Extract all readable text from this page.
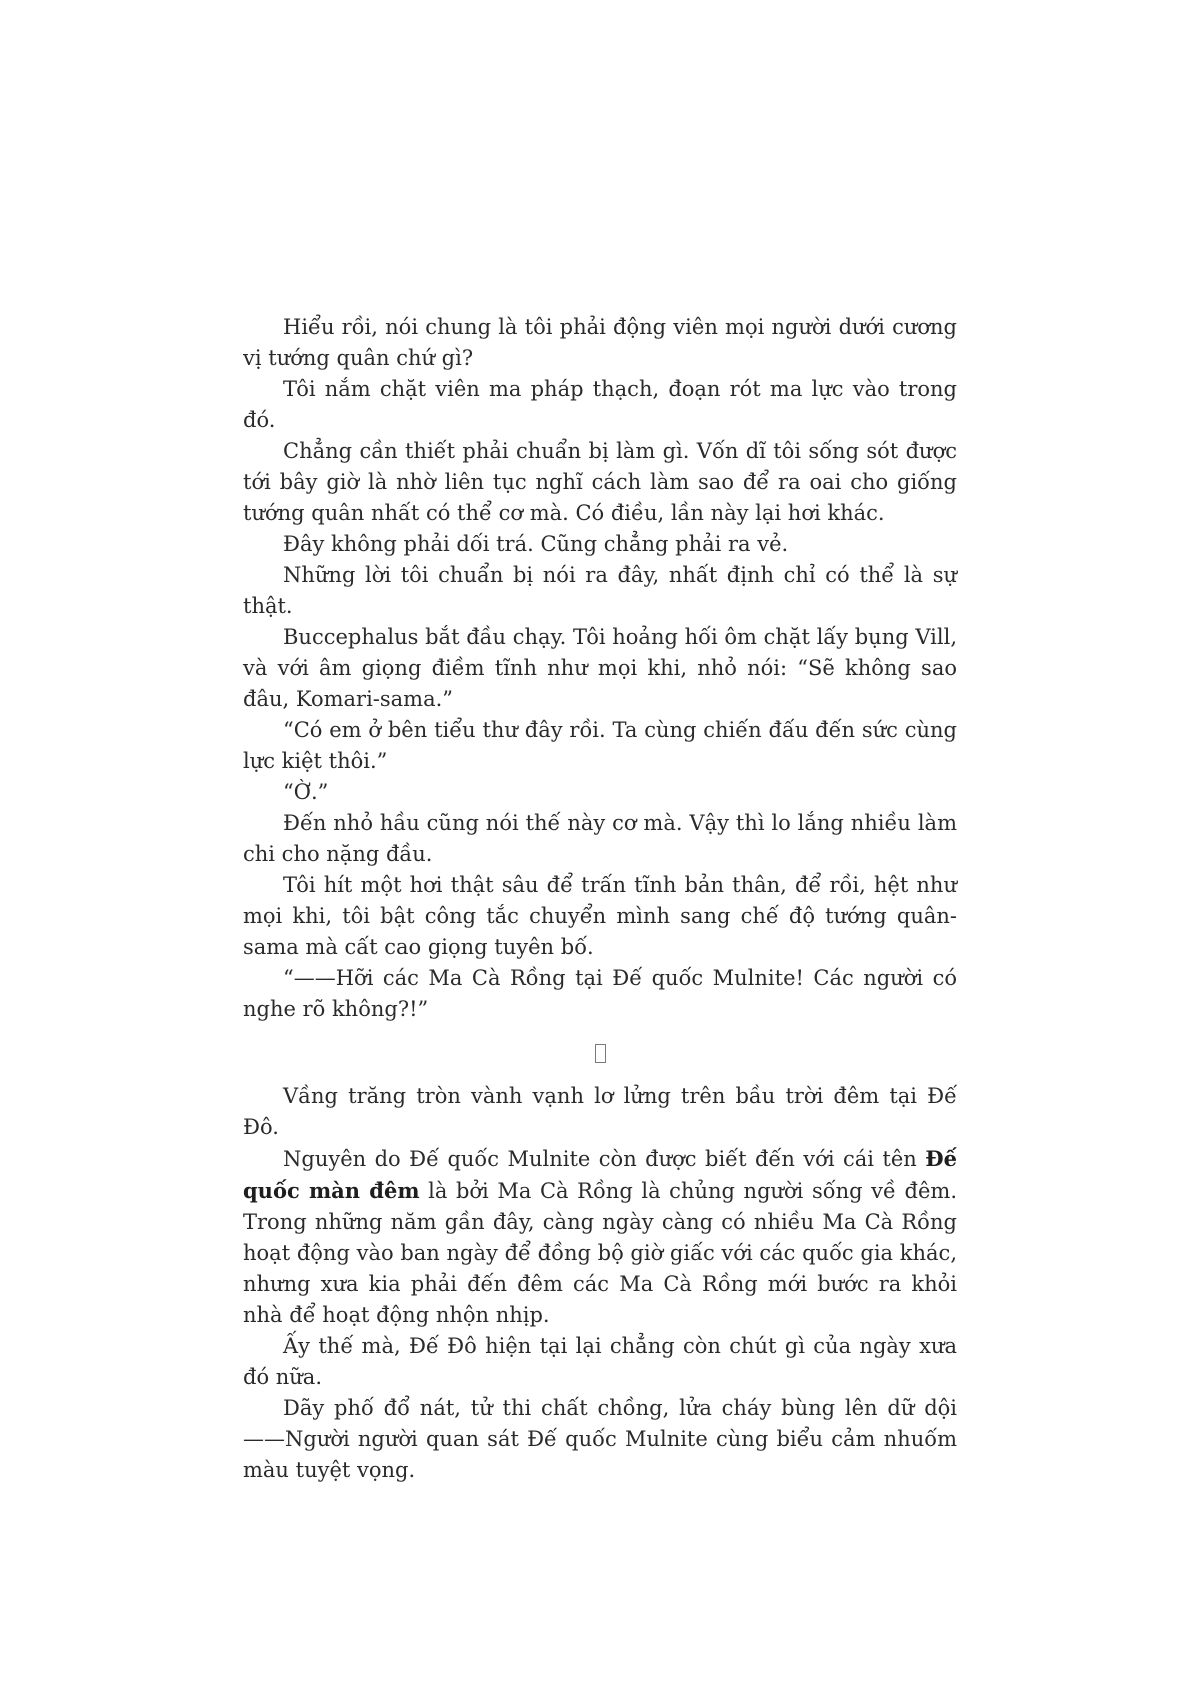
Hiểu rồi, nói chung là tôi phải động viên mọi người dưới cương vị tướng quân chứ gì?

Tôi nắm chặt viên ma pháp thạch, đoạn rót ma lực vào trong đó.

Chẳng cần thiết phải chuẩn bị làm gì. Vốn dĩ tôi sống sót được tới bây giờ là nhờ liên tục nghĩ cách làm sao để ra oai cho giống tướng quân nhất có thể cơ mà. Có điều, lần này lại hơi khác.

Đây không phải dối trá. Cũng chẳng phải ra vẻ.

Những lời tôi chuẩn bị nói ra đây, nhất định chỉ có thể là sự thật.

Buccephalus bắt đầu chạy. Tôi hoảng hối ôm chặt lấy bụng Vill, và với âm giọng điềm tĩnh như mọi khi, nhỏ nói: “Sẽ không sao đâu, Komari-sama.”

“Có em ở bên tiểu thư đây rồi. Ta cùng chiến đấu đến sức cùng lực kiệt thôi.”

“Ờ.”

Đến nhỏ hầu cũng nói thế này cơ mà. Vậy thì lo lắng nhiều làm chi cho nặng đầu.

Tôi hít một hơi thật sâu để trấn tĩnh bản thân, để rồi, hệt như mọi khi, tôi bật công tắc chuyển mình sang chế độ tướng quân-sama mà cất cao giọng tuyên bố.

“——Hỡi các Ma Cà Rồng tại Đế quốc Mulnite! Các người có nghe rõ không?!”

Vầng trăng tròn vành vạnh lơ lửng trên bầu trời đêm tại Đế Đô.

Nguyên do Đế quốc Mulnite còn được biết đến với cái tên Đế quốc màn đêm là bởi Ma Cà Rồng là chủng người sống về đêm. Trong những năm gần đây, càng ngày càng có nhiều Ma Cà Rồng hoạt động vào ban ngày để đồng bộ giờ giấc với các quốc gia khác, nhưng xưa kia phải đến đêm các Ma Cà Rồng mới bước ra khỏi nhà để hoạt động nhộn nhịp.

Ấy thế mà, Đế Đô hiện tại lại chẳng còn chút gì của ngày xưa đó nữa.

Dãy phố đổ nát, tử thi chất chồng, lửa cháy bùng lên dữ dội——Người người quan sát Đế quốc Mulnite cùng biểu cảm nhuốm màu tuyệt vọng.
